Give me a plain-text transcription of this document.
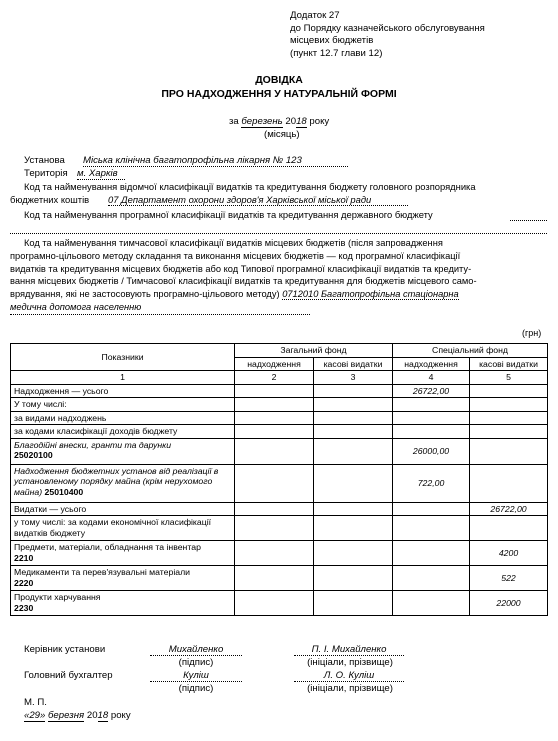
Додаток 27
до Порядку казначейського обслуговування
місцевих бюджетів
(пункт 12.7 глави 12)
ДОВІДКА
ПРО НАДХОДЖЕННЯ У НАТУРАЛЬНІЙ ФОРМІ
за березень 2018 року
(місяць)
Установа Міська клінічна багатопрофільна лікарня № 123
Територія м. Харків
Код та найменування відомчої класифікації видатків та кредитування бюджету головного розпорядника
бюджетних коштів 07 Департамент охорони здоров'я Харківської міської ради
Код та найменування програмної класифікації видатків та кредитування державного бюджету
Код та найменування тимчасової класифікації видатків місцевих бюджетів (після запровадження
програмно-цільового методу складання та виконання місцевих бюджетів — код програмної класифікації
видатків та кредитування місцевих бюджетів або код Типової програмної класифікації видатків та кредиту-
вання місцевих бюджетів / Тимчасової класифікації видатків та кредитування для бюджетів місцевого само-
врядування, які не застосовують програмно-цільового методу) 0712010 Багатопрофільна стаціонарна
медична допомога населенню
(грн)
Показники	Загальний фонд		Спеціальний фонд	
	надходження	касові видатки	надходження	касові видатки
1	2	3	4	5
Надходження — усього			26722,00	
У тому числі:				
за видами надходжень				
за кодами класифікації доходів бюджету				
Благодійні внески, гранти та дарунки
25020100			26000,00	
Надходження бюджетних установ від реалізації в установленому порядку майна (крім нерухомого майна) 25010400			722,00	
Видатки — усього				26722,00
у тому числі: за кодами економічної класифікації видатків бюджету				
Предмети, матеріали, обладнання та інвентар
2210				4200
Медикаменти та перев'язувальні матеріали
2220				522
Продукти харчування
2230				22000
Керівник установи	Михайленко
(підпис)
П. І. Михайленко
(ініціали, прізвище)
Головний бухгалтер	Куліш
(підпис)
Л. О. Куліш
(ініціали, прізвище)
М. П.
«29» березня 2018 року
